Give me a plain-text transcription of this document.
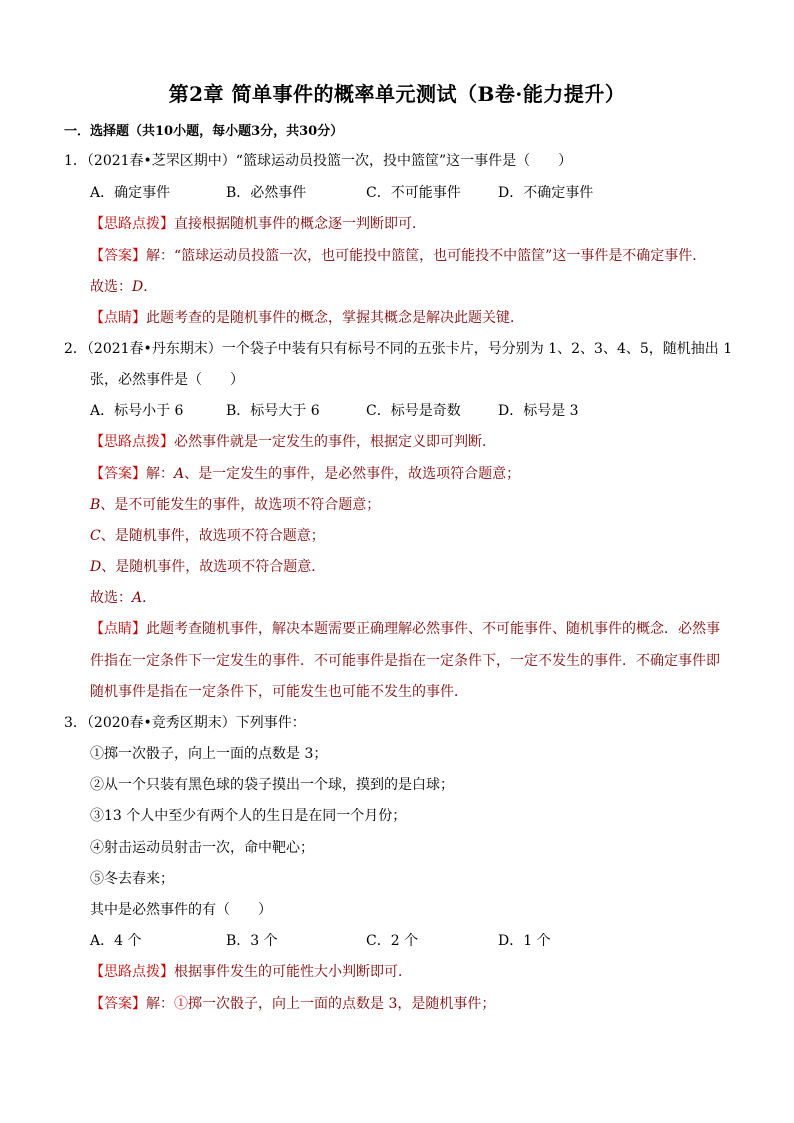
第2章 简单事件的概率单元测试（B卷·能力提升）
一．选择题（共10小题，每小题3分，共30分）
1．（2021春•芝罘区期中）“篮球运动员投篮一次，投中篮筐”这一事件是（　　）
A．确定事件	B．必然事件	C．不可能事件	D．不确定事件
【思路点拨】直接根据随机事件的概念逐一判断即可．
【答案】解：“篮球运动员投篮一次，也可能投中篮筐，也可能投不中篮筐”这一事件是不确定事件．
故选：D．
【点睛】此题考查的是随机事件的概念，掌握其概念是解决此题关键．
2．（2021春•丹东期末）一个袋子中装有只有标号不同的五张卡片，号分别为 1、2、3、4、5，随机抽出 1
张，必然事件是（　　）
A．标号小于 6	B．标号大于 6	C．标号是奇数	D．标号是 3
【思路点拨】必然事件就是一定发生的事件，根据定义即可判断．
【答案】解：A、是一定发生的事件，是必然事件，故选项符合题意；
B、是不可能发生的事件，故选项不符合题意；
C、是随机事件，故选项不符合题意；
D、是随机事件，故选项不符合题意．
故选：A．
【点睛】此题考查随机事件，解决本题需要正确理解必然事件、不可能事件、随机事件的概念．必然事
件指在一定条件下一定发生的事件．不可能事件是指在一定条件下，一定不发生的事件．不确定事件即
随机事件是指在一定条件下，可能发生也可能不发生的事件．
3．（2020春•竞秀区期末）下列事件：
①掷一次骰子，向上一面的点数是 3；
②从一个只装有黑色球的袋子摸出一个球，摸到的是白球；
③13 个人中至少有两个人的生日是在同一个月份；
④射击运动员射击一次，命中靶心；
⑤冬去春来；
其中是必然事件的有（　　）
A．4 个	B．3 个	C．2 个	D．1 个
【思路点拨】根据事件发生的可能性大小判断即可．
【答案】解：①掷一次骰子，向上一面的点数是 3，是随机事件；
